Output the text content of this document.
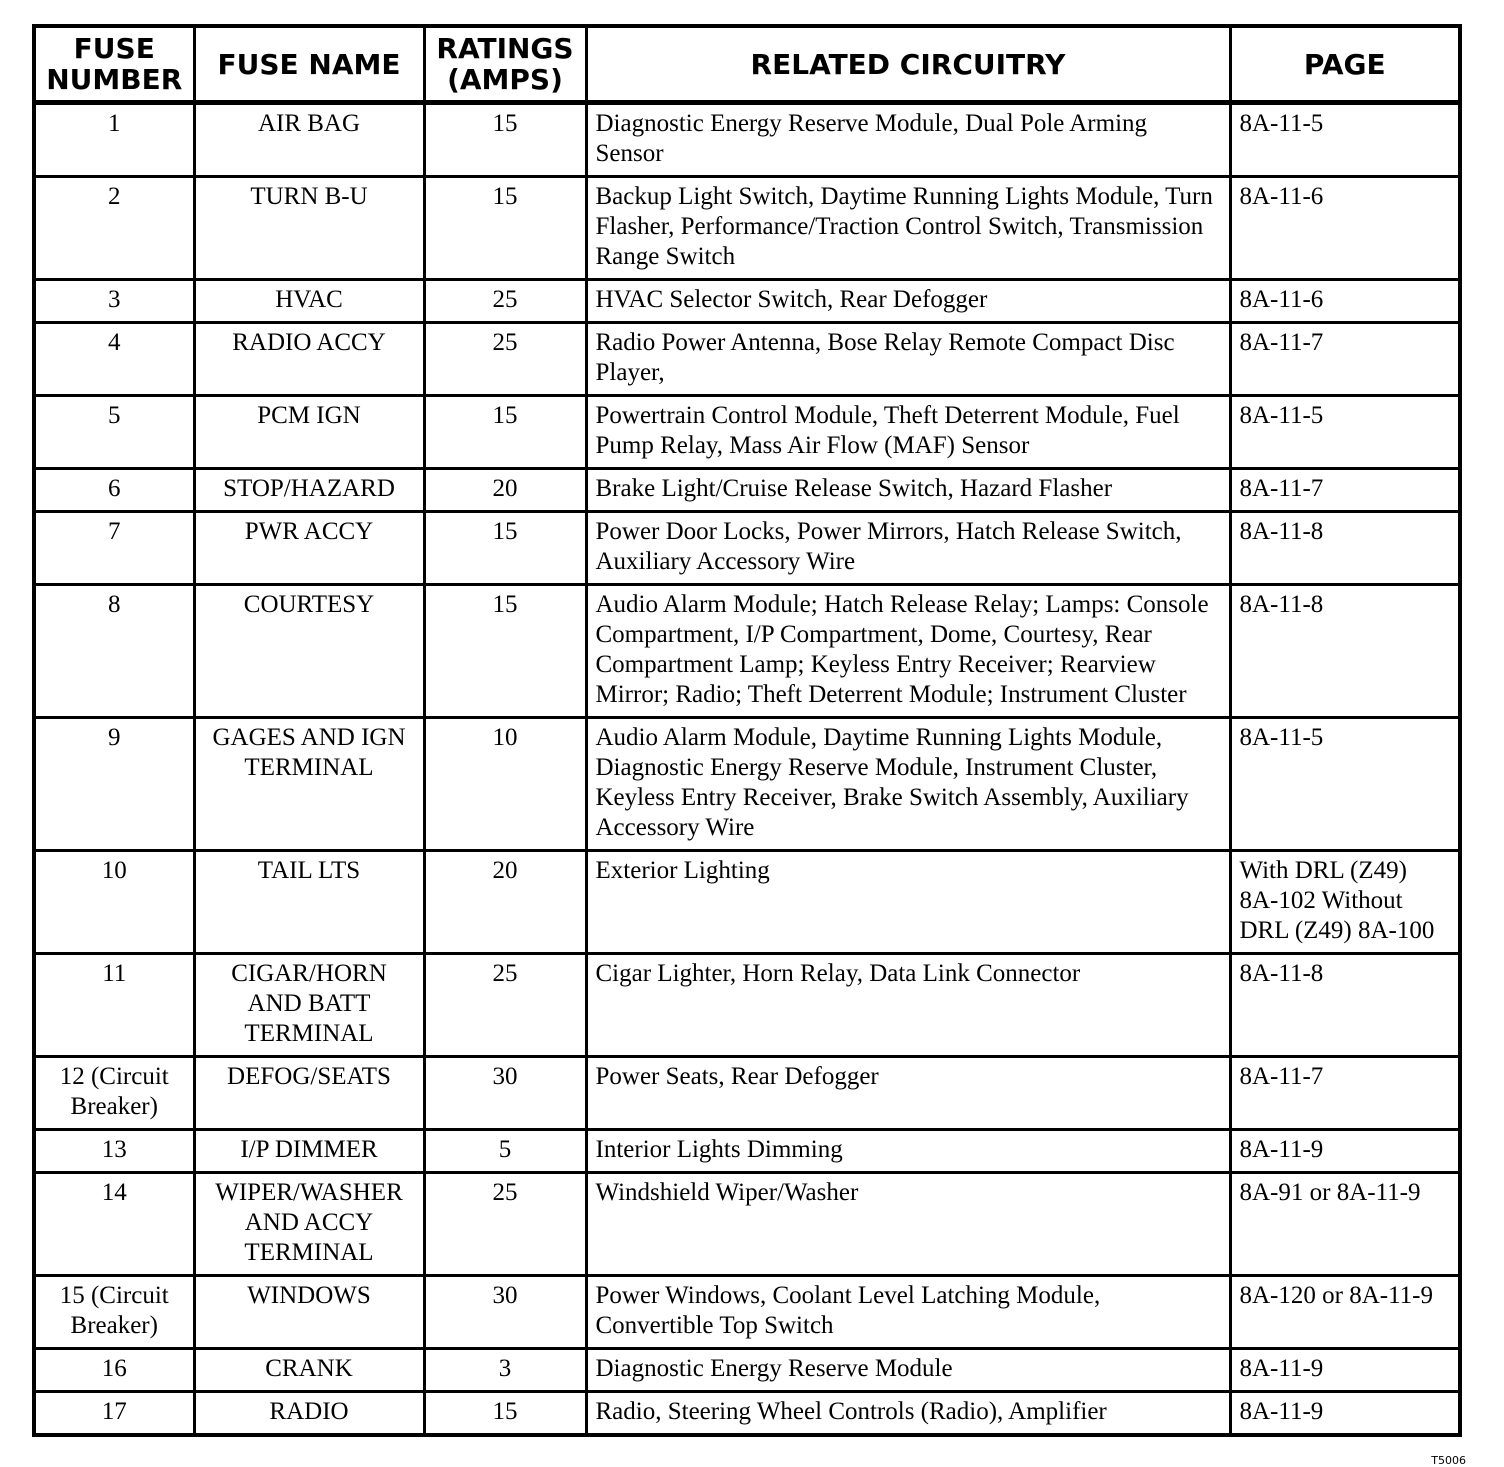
FUSE NUMBER	FUSE NAME	RATINGS (AMPS)	RELATED CIRCUITRY	PAGE
1	AIR BAG	15	Diagnostic Energy Reserve Module, Dual Pole Arming Sensor	8A-11-5
2	TURN B-U	15	Backup Light Switch, Daytime Running Lights Module, Turn Flasher, Performance/Traction Control Switch, Transmission Range Switch	8A-11-6
3	HVAC	25	HVAC Selector Switch, Rear Defogger	8A-11-6
4	RADIO ACCY	25	Radio Power Antenna, Bose Relay Remote Compact Disc Player,	8A-11-7
5	PCM IGN	15	Powertrain Control Module, Theft Deterrent Module, Fuel Pump Relay, Mass Air Flow (MAF) Sensor	8A-11-5
6	STOP/HAZARD	20	Brake Light/Cruise Release Switch, Hazard Flasher	8A-11-7
7	PWR ACCY	15	Power Door Locks, Power Mirrors, Hatch Release Switch, Auxiliary Accessory Wire	8A-11-8
8	COURTESY	15	Audio Alarm Module; Hatch Release Relay; Lamps: Console Compartment, I/P Compartment, Dome, Courtesy, Rear Compartment Lamp; Keyless Entry Receiver; Rearview Mirror; Radio; Theft Deterrent Module; Instrument Cluster	8A-11-8
9	GAGES AND IGN TERMINAL	10	Audio Alarm Module, Daytime Running Lights Module, Diagnostic Energy Reserve Module, Instrument Cluster, Keyless Entry Receiver, Brake Switch Assembly, Auxiliary Accessory Wire	8A-11-5
10	TAIL LTS	20	Exterior Lighting	With DRL (Z49) 8A-102 Without DRL (Z49) 8A-100
11	CIGAR/HORN AND BATT TERMINAL	25	Cigar Lighter, Horn Relay, Data Link Connector	8A-11-8
12 (Circuit Breaker)	DEFOG/SEATS	30	Power Seats, Rear Defogger	8A-11-7
13	I/P DIMMER	5	Interior Lights Dimming	8A-11-9
14	WIPER/WASHER AND ACCY TERMINAL	25	Windshield Wiper/Washer	8A-91 or 8A-11-9
15 (Circuit Breaker)	WINDOWS	30	Power Windows, Coolant Level Latching Module, Convertible Top Switch	8A-120 or 8A-11-9
16	CRANK	3	Diagnostic Energy Reserve Module	8A-11-9
17	RADIO	15	Radio, Steering Wheel Controls (Radio), Amplifier	8A-11-9
T5006
